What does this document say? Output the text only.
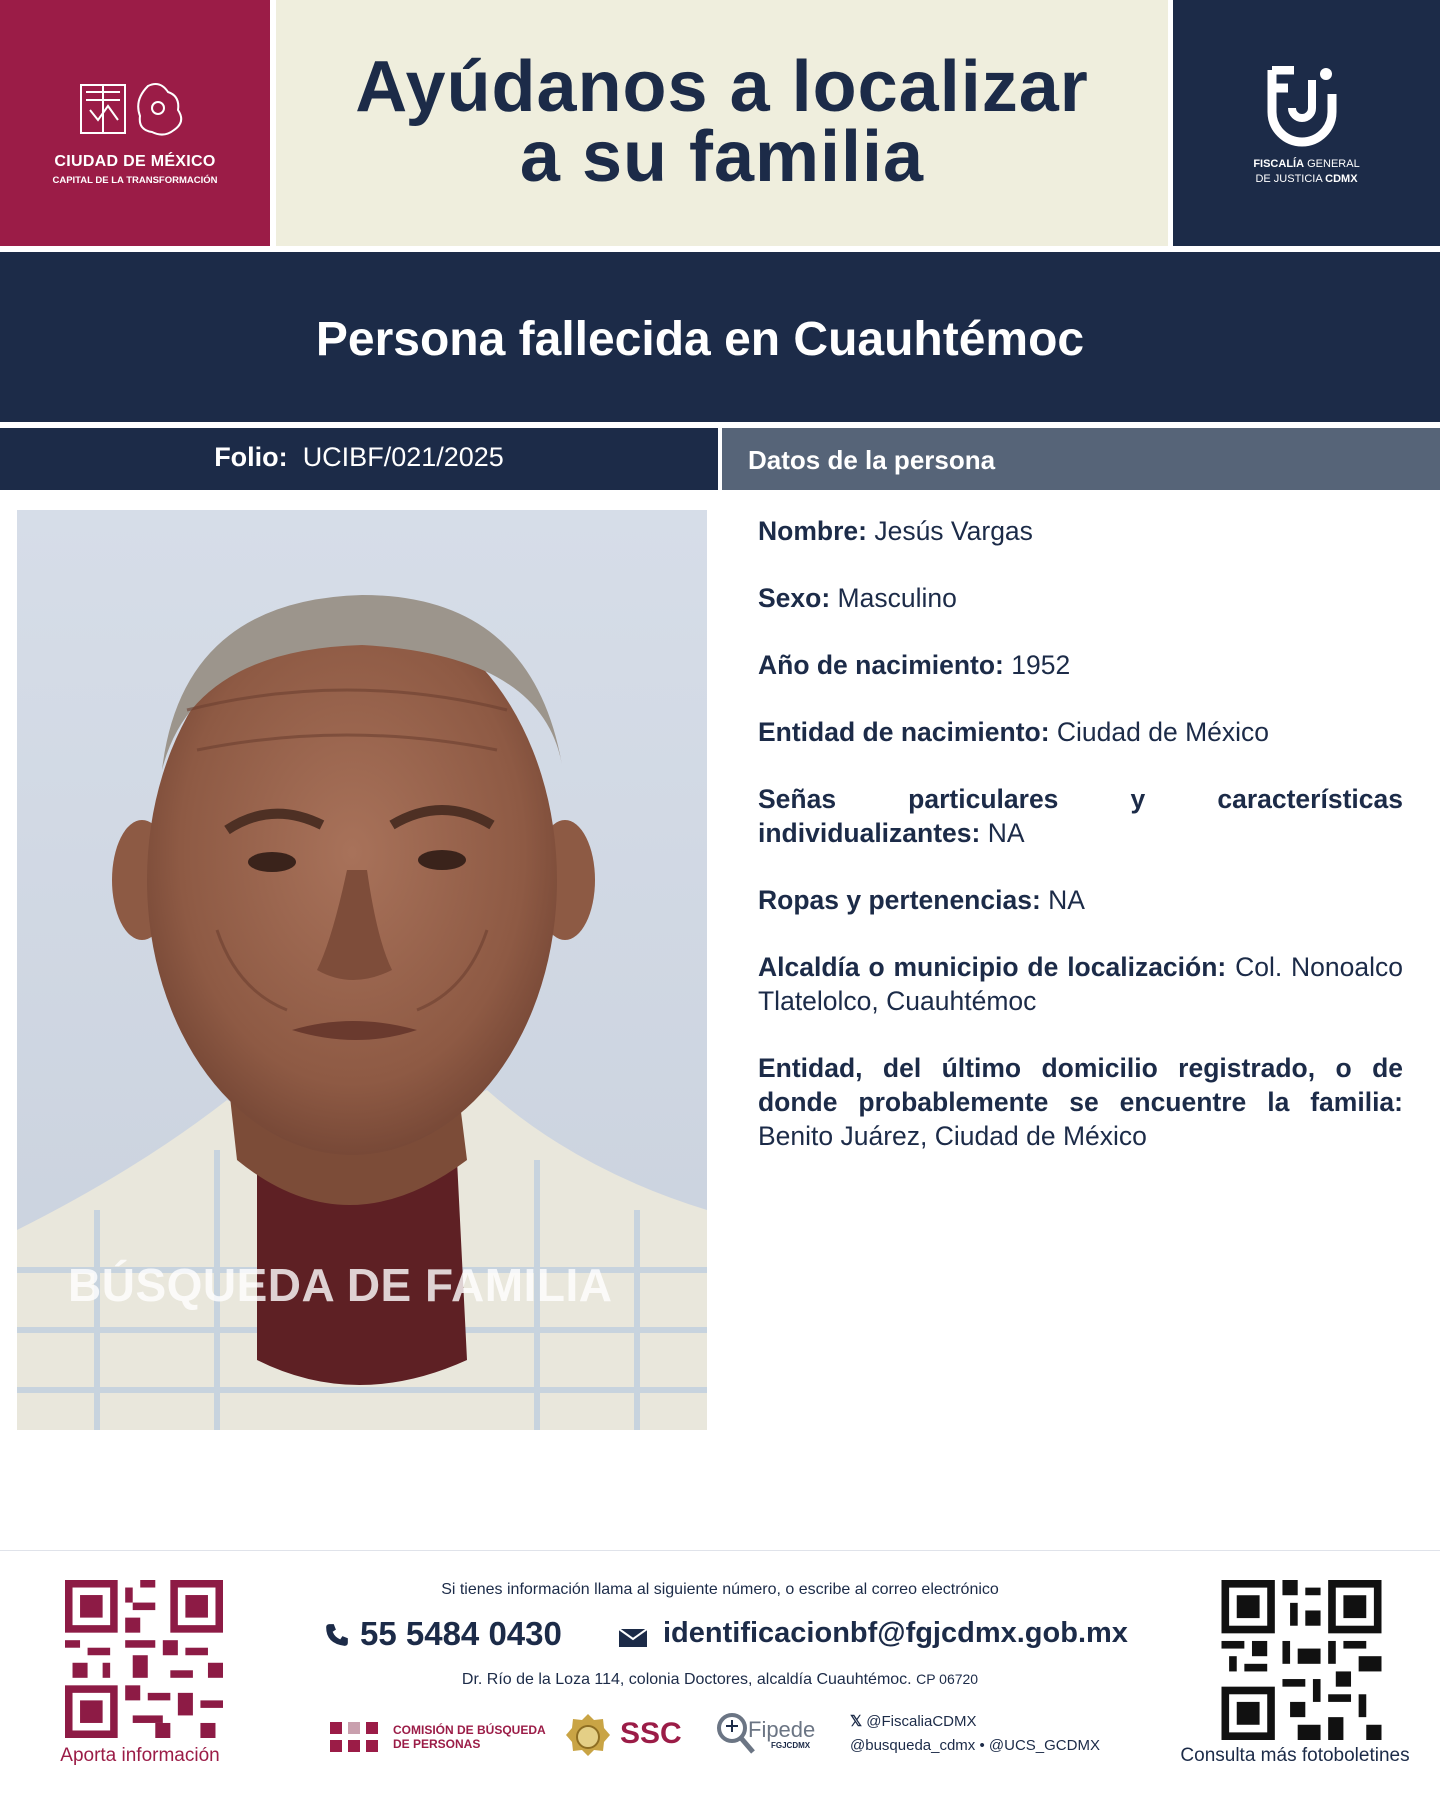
CIUDAD DE MÉXICO
CAPITAL DE LA TRANSFORMACIÓN
Ayúdanos a localizar
a su familia	FISCALÍA GENERAL
DE JUSTICIA CDMX
Persona fallecida en Cuauhtémoc
Folio: UCIBF/021/2025	Datos de la persona
BÚSQUEDA DE FAMILIA
Nombre: Jesús Vargas
Sexo: Masculino
Año de nacimiento: 1952
Entidad de nacimiento: Ciudad de México
Señas particulares y características individualizantes: NA
Ropas y pertenencias: NA
Alcaldía o municipio de localización: Col. Nonoalco Tlatelolco, Cuauhtémoc
Entidad, del último domicilio registrado, o de donde probablemente se encuentre la familia: Benito Juárez, Ciudad de México
Aporta información
Si tienes información llama al siguiente número, o escribe al correo electrónico
55 5484 0430	identificacionbf@fgjcdmx.gob.mx
Dr. Río de la Loza 114, colonia Doctores, alcaldía Cuauhtémoc. CP 06720
COMISIÓN DE BÚSQUEDA
DE PERSONAS	SSC	Fipede
FGJCDMX
𝕏 @FiscaliaCDMX
@busqueda_cdmx • @UCS_GCDMX	Consulta más fotoboletines
